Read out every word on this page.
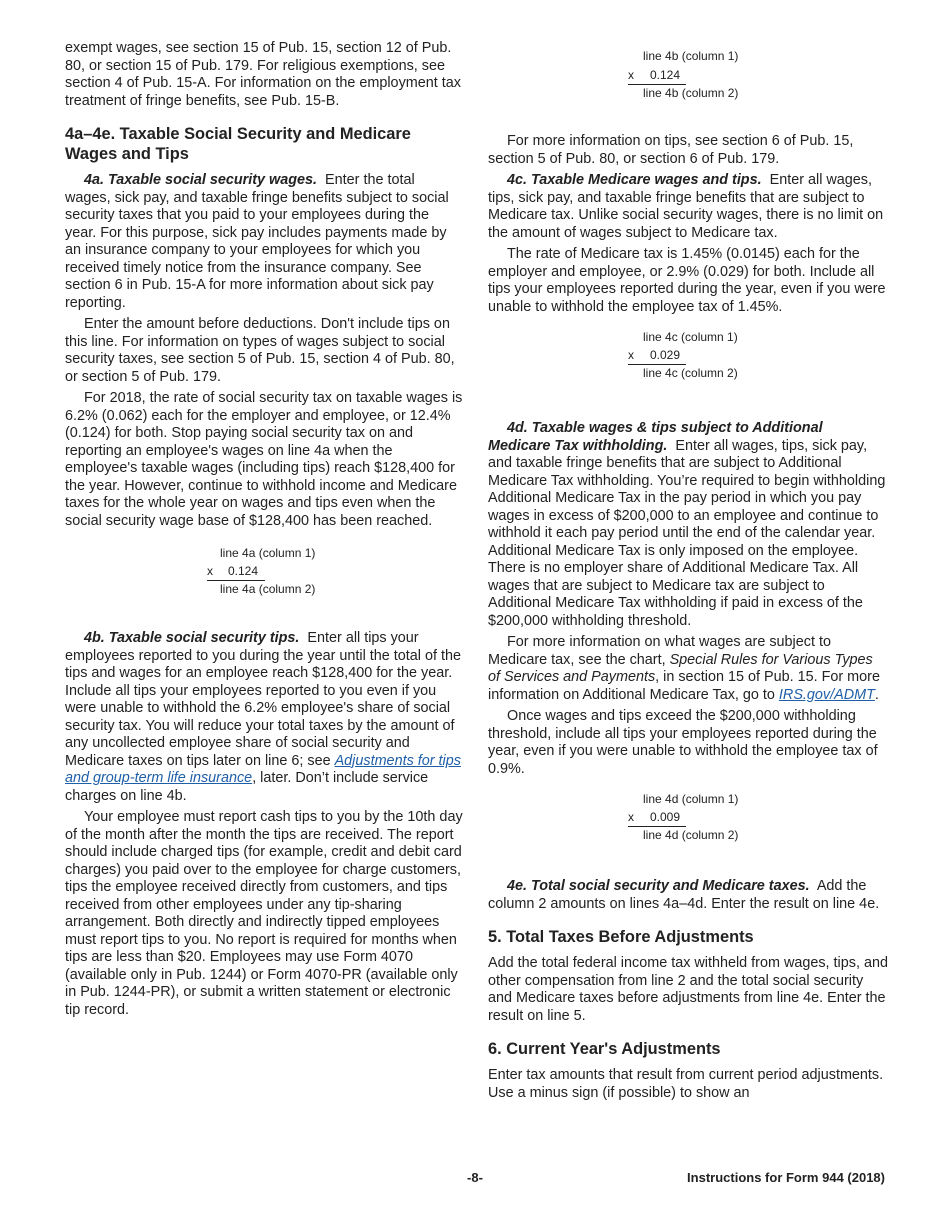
exempt wages, see section 15 of Pub. 15, section 12 of Pub. 80, or section 15 of Pub. 179. For religious exemptions, see section 4 of Pub. 15-A. For information on the employment tax treatment of fringe benefits, see Pub. 15-B.

4a–4e. Taxable Social Security and Medicare Wages and Tips

4a. Taxable social security wages. Enter the total wages, sick pay, and taxable fringe benefits subject to social security taxes that you paid to your employees during the year. For this purpose, sick pay includes payments made by an insurance company to your employees for which you received timely notice from the insurance company. See section 6 in Pub. 15-A for more information about sick pay reporting.

Enter the amount before deductions. Don't include tips on this line. For information on types of wages subject to social security taxes, see section 5 of Pub. 15, section 4 of Pub. 80, or section 5 of Pub. 179.

For 2018, the rate of social security tax on taxable wages is 6.2% (0.062) each for the employer and employee, or 12.4% (0.124) for both. Stop paying social security tax on and reporting an employee's wages on line 4a when the employee's taxable wages (including tips) reach $128,400 for the year. However, continue to withhold income and Medicare taxes for the whole year on wages and tips even when the social security wage base of $128,400 has been reached.

line 4a (column 1)
x 0.124
line 4a (column 2)

4b. Taxable social security tips. Enter all tips your employees reported to you during the year until the total of the tips and wages for an employee reach $128,400 for the year. Include all tips your employees reported to you even if you were unable to withhold the 6.2% employee's share of social security tax. You will reduce your total taxes by the amount of any uncollected employee share of social security and Medicare taxes on tips later on line 6; see Adjustments for tips and group-term life insurance, later. Don’t include service charges on line 4b.

Your employee must report cash tips to you by the 10th day of the month after the month the tips are received. The report should include charged tips (for example, credit and debit card charges) you paid over to the employee for charge customers, tips the employee received directly from customers, and tips received from other employees under any tip-sharing arrangement. Both directly and indirectly tipped employees must report tips to you. No report is required for months when tips are less than $20. Employees may use Form 4070 (available only in Pub. 1244) or Form 4070-PR (available only in Pub. 1244-PR), or submit a written statement or electronic tip record.

line 4b (column 1)
x 0.124
line 4b (column 2)

For more information on tips, see section 6 of Pub. 15, section 5 of Pub. 80, or section 6 of Pub. 179.

4c. Taxable Medicare wages and tips. Enter all wages, tips, sick pay, and taxable fringe benefits that are subject to Medicare tax. Unlike social security wages, there is no limit on the amount of wages subject to Medicare tax.

The rate of Medicare tax is 1.45% (0.0145) each for the employer and employee, or 2.9% (0.029) for both. Include all tips your employees reported during the year, even if you were unable to withhold the employee tax of 1.45%.

line 4c (column 1)
x 0.029
line 4c (column 2)

4d. Taxable wages & tips subject to Additional Medicare Tax withholding. Enter all wages, tips, sick pay, and taxable fringe benefits that are subject to Additional Medicare Tax withholding. You’re required to begin withholding Additional Medicare Tax in the pay period in which you pay wages in excess of $200,000 to an employee and continue to withhold it each pay period until the end of the calendar year. Additional Medicare Tax is only imposed on the employee. There is no employer share of Additional Medicare Tax. All wages that are subject to Medicare tax are subject to Additional Medicare Tax withholding if paid in excess of the $200,000 withholding threshold.

For more information on what wages are subject to Medicare tax, see the chart, Special Rules for Various Types of Services and Payments, in section 15 of Pub. 15. For more information on Additional Medicare Tax, go to IRS.gov/ADMT.

Once wages and tips exceed the $200,000 withholding threshold, include all tips your employees reported during the year, even if you were unable to withhold the employee tax of 0.9%.

line 4d (column 1)
x 0.009
line 4d (column 2)

4e. Total social security and Medicare taxes. Add the column 2 amounts on lines 4a–4d. Enter the result on line 4e.

5. Total Taxes Before Adjustments

Add the total federal income tax withheld from wages, tips, and other compensation from line 2 and the total social security and Medicare taxes before adjustments from line 4e. Enter the result on line 5.

6. Current Year's Adjustments

Enter tax amounts that result from current period adjustments. Use a minus sign (if possible) to show an

-8-	Instructions for Form 944 (2018)
